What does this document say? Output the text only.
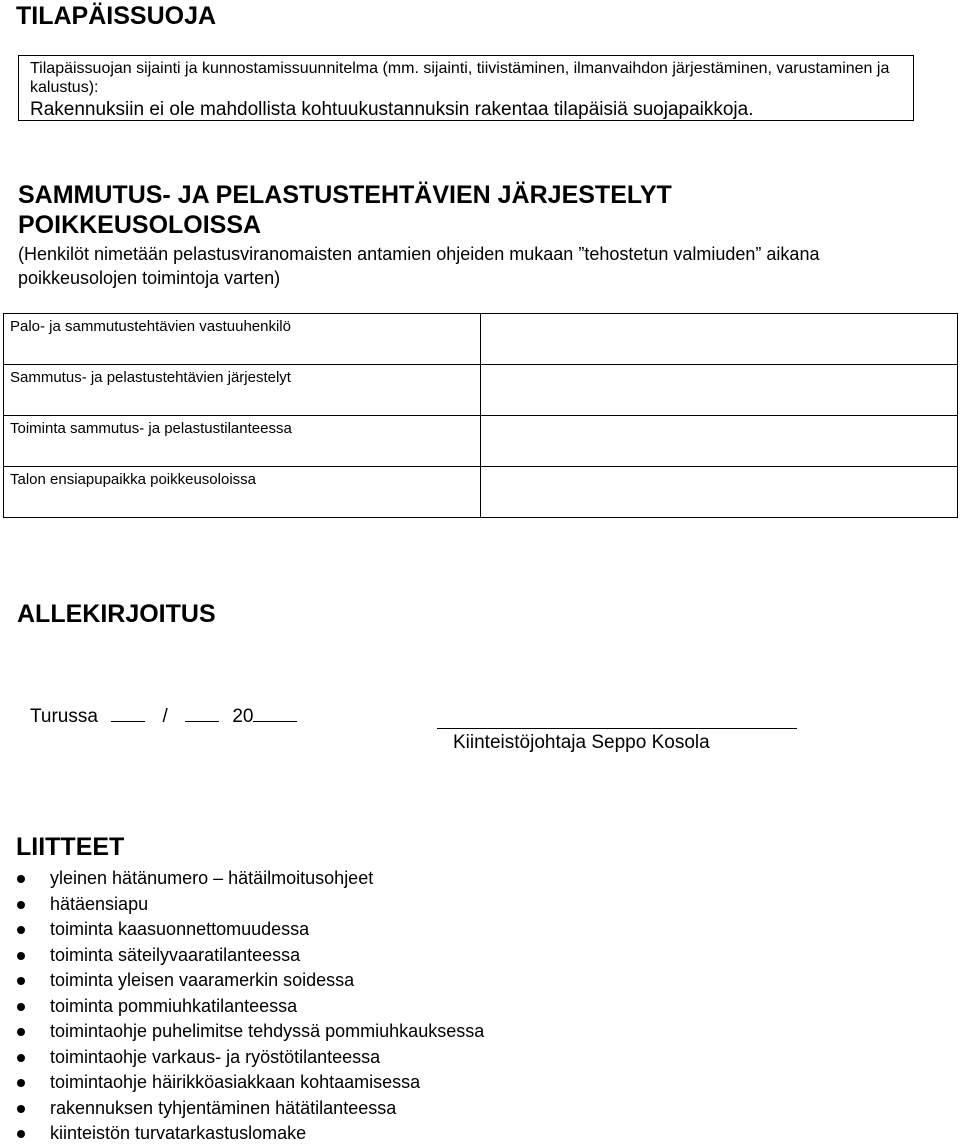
TILAPÄISSUOJA
Tilapäissuojan sijainti ja kunnostamissuunnitelma (mm. sijainti, tiivistäminen, ilmanvaihdon järjestäminen, varustaminen ja kalustus):
Rakennuksiin ei ole mahdollista kohtuukustannuksin rakentaa tilapäisiä suojapaikkoja.
SAMMUTUS- JA PELASTUSTEHTÄVIEN JÄRJESTELYT
POIKKEUSOLOISSA
(Henkilöt nimetään pelastusviranomaisten antamien ohjeiden mukaan ”tehostetun valmiuden” aikana poikkeusolojen toimintoja varten)
Palo- ja sammutustehtävien vastuuhenkilö	
Sammutus- ja pelastustehtävien järjestelyt	
Toiminta sammutus- ja pelastustilanteessa	
Talon ensiapupaikka poikkeusoloissa	
ALLEKIRJOITUS
Turussa	/	20
Kiinteistöjohtaja Seppo Kosola
LIITTEET
yleinen hätänumero – hätäilmoitusohjeet
hätäensiapu
toiminta kaasuonnettomuudessa
toiminta säteilyvaaratilanteessa
toiminta yleisen vaaramerkin soidessa
toiminta pommiuhkatilanteessa
toimintaohje puhelimitse tehdyssä pommiuhkauksessa
toimintaohje varkaus- ja ryöstötilanteessa
toimintaohje häirikköasiakkaan kohtaamisessa
rakennuksen tyhjentäminen hätätilanteessa
kiinteistön turvatarkastuslomake
